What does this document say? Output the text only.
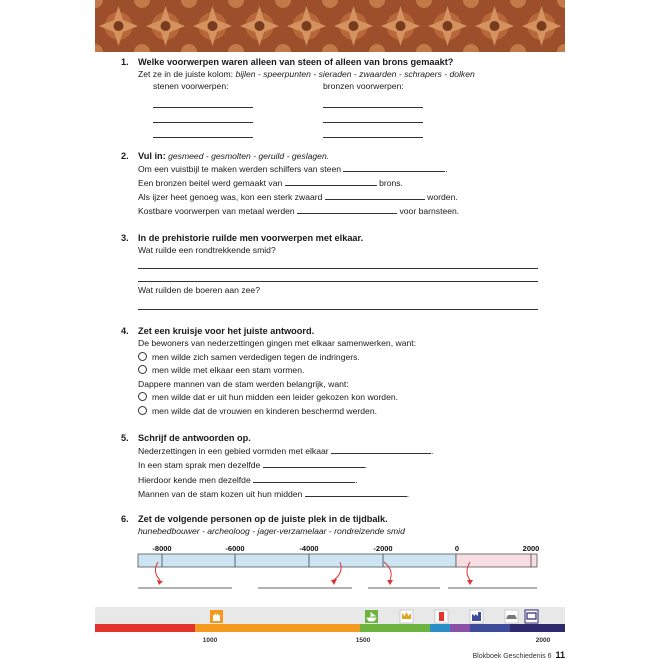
1. Welke voorwerpen waren alleen van steen of alleen van brons gemaakt?
Zet ze in de juiste kolom: bijlen - speerpunten - sieraden - zwaarden - schrapers - dolken
stenen voorwerpen:	bronzen voorwerpen:
2. Vul in: gesmeed - gesmolten - geruild - geslagen.
Om een vuistbijl te maken werden schilfers van steen	.
Een bronzen beitel werd gemaakt van	brons.
Als ijzer heet genoeg was, kon een sterk zwaard	worden.
Kostbare voorwerpen van metaal werden	voor barnsteen.
3. In de prehistorie ruilde men voorwerpen met elkaar.
Wat ruilde een rondtrekkende smid?
Wat ruilden de boeren aan zee?
4. Zet een kruisje voor het juiste antwoord.
De bewoners van nederzettingen gingen met elkaar samenwerken, want:
men wilde zich samen verdedigen tegen de indringers.
men wilde met elkaar een stam vormen.
Dappere mannen van de stam werden belangrijk, want:
men wilde dat er uit hun midden een leider gekozen kon worden.
men wilde dat de vrouwen en kinderen beschermd werden.
5. Schrijf de antwoorden op.
Nederzettingen in een gebied vormden met elkaar	.
In een stam sprak men dezelfde	.
Hierdoor kende men dezelfde	.
Mannen van de stam kozen uit hun midden	.
6. Zet de volgende personen op de juiste plek in de tijdbalk.
hunebedbouwer - archeoloog - jager-verzamelaar - rondreizende smid
-8000	-6000	-4000	-2000	0	2000
1000	1500	2000
Blokboek Geschiedenis 6 11
